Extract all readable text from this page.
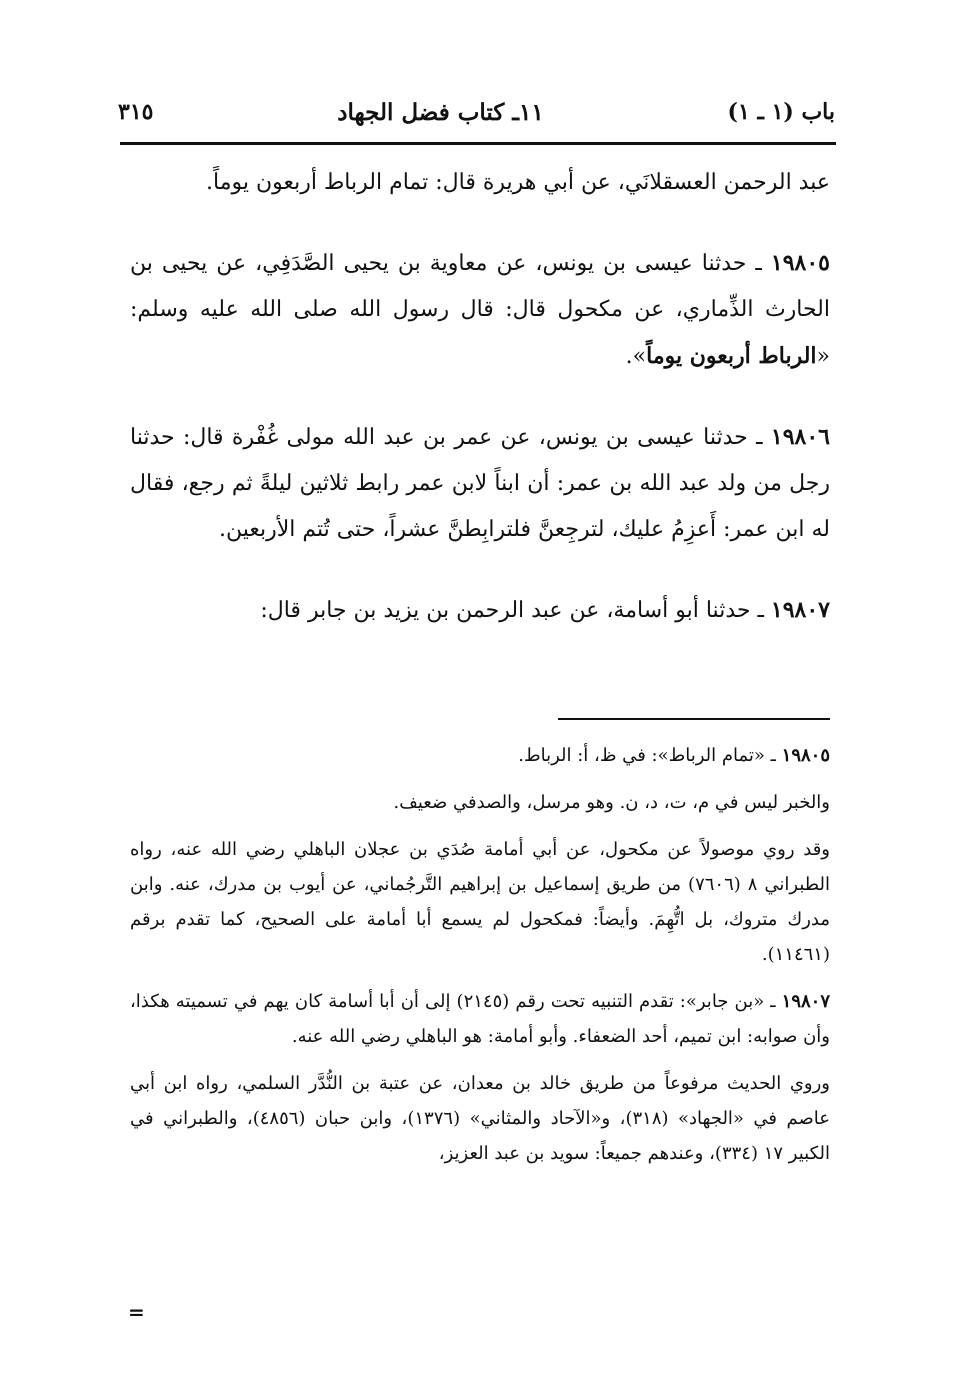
باب (١ ـ ١)
١١ـ كتاب فضل الجهاد
٣١٥

عبد الرحمن العسقلانَي، عن أبي هريرة قال: تمام الرباط أربعون يوماً.

١٩٨٠٥ ـ حدثنا عيسى بن يونس، عن معاوية بن يحيى الصَّدَفِي، عن يحيى بن الحارث الذِّماري، عن مكحول قال: قال رسول الله صلى الله عليه وسلم: «الرباط أربعون يوماً».

١٩٨٠٦ ـ حدثنا عيسى بن يونس، عن عمر بن عبد الله مولى غُفْرة قال: حدثنا رجل من ولد عبد الله بن عمر: أن ابناً لابن عمر رابط ثلاثين ليلةً ثم رجع، فقال له ابن عمر: أَعزِمُ عليك، لترجِعنَّ فلترابِطنَّ عشراً، حتى تُتم الأربعين.

١٩٨٠٧ ـ حدثنا أبو أسامة، عن عبد الرحمن بن يزيد بن جابر قال:

١٩٨٠٥ ـ «تمام الرباط»: في ظ، أ: الرباط.

والخبر ليس في م، ت، د، ن. وهو مرسل، والصدفي ضعيف.

وقد روي موصولاً عن مكحول، عن أبي أمامة صُدَي بن عجلان الباهلي رضي الله عنه، رواه الطبراني ٨ (٧٦٠٦) من طريق إسماعيل بن إبراهيم التَّرجُماني، عن أيوب بن مدرك، عنه. وابن مدرك متروك، بل اتُّهِمَ. وأيضاً: فمكحول لم يسمع أبا أمامة على الصحيح، كما تقدم برقم (١١٤٦١).

١٩٨٠٧ ـ «بن جابر»: تقدم التنبيه تحت رقم (٢١٤٥) إلى أن أبا أسامة كان يهم في تسميته هكذا، وأن صوابه: ابن تميم، أحد الضعفاء. وأبو أمامة: هو الباهلي رضي الله عنه.

وروي الحديث مرفوعاً من طريق خالد بن معدان، عن عتبة بن النُّدَّر السلمي، رواه ابن أبي عاصم في «الجهاد» (٣١٨)، و«الآحاد والمثاني» (١٣٧٦)، وابن حبان (٤٨٥٦)، والطبراني في الكبير ١٧ (٣٣٤)، وعندهم جميعاً: سويد بن عبد العزيز،

=
